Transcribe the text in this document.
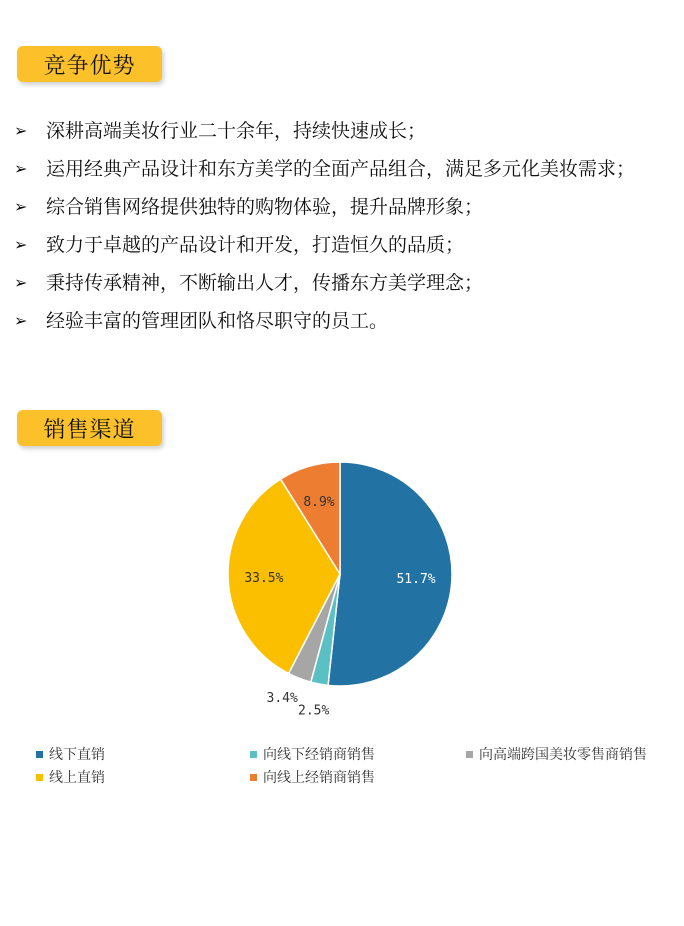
竞争优势
➢ 深耕高端美妆行业二十余年，持续快速成长；
➢ 运用经典产品设计和东方美学的全面产品组合，满足多元化美妆需求；
➢ 综合销售网络提供独特的购物体验，提升品牌形象；
➢ 致力于卓越的产品设计和开发，打造恒久的品质；
➢ 秉持传承精神，不断输出人才，传播东方美学理念；
➢ 经验丰富的管理团队和恪尽职守的员工。
销售渠道
51.7%
2.5%
3.4%
33.5%
8.9%
线下直销	向线下经销商销售	向高端跨国美妆零售商销售
线上直销	向线上经销商销售
